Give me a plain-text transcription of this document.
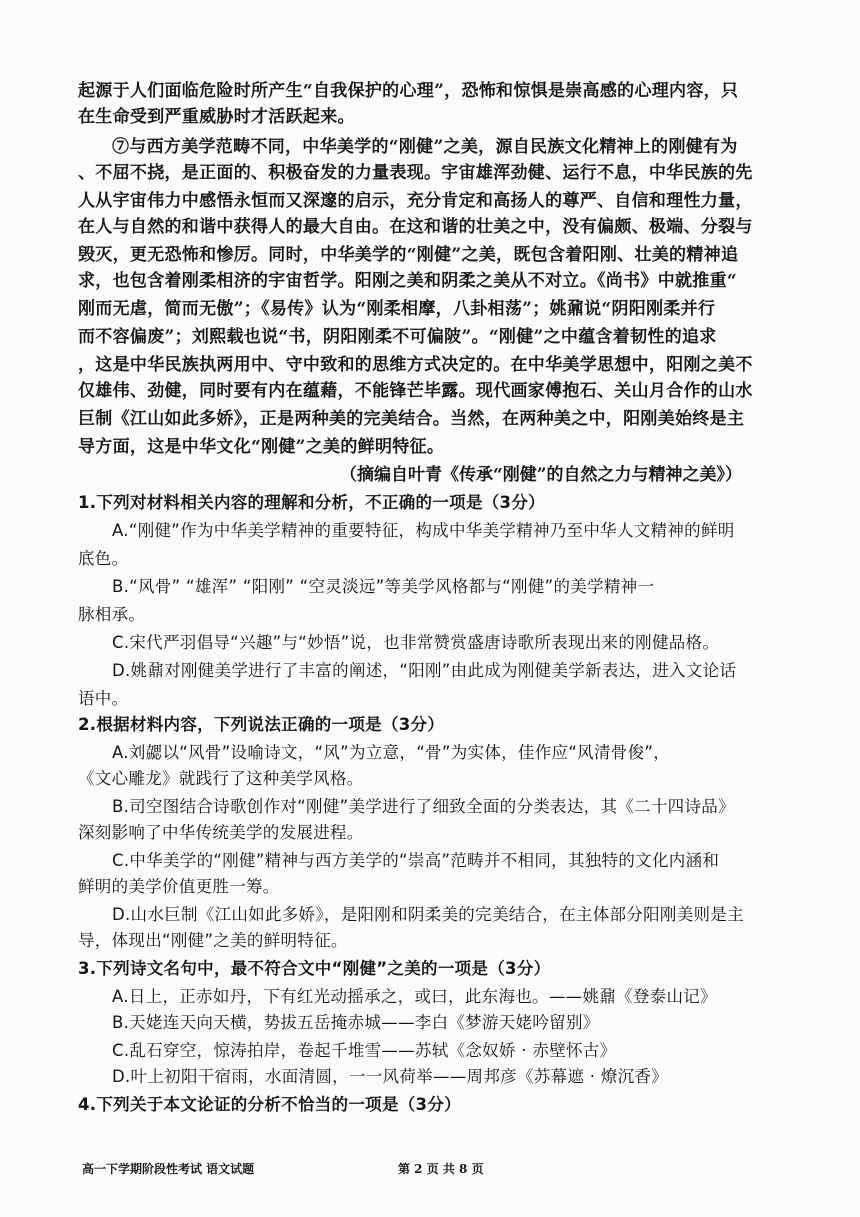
起源于人们面临危险时所产生“自我保护的心理”，恐怖和惊惧是崇高感的心理内容，只
在生命受到严重威胁时才活跃起来。
⑦与西方美学范畴不同，中华美学的“刚健”之美，源自民族文化精神上的刚健有为
、不屈不挠，是正面的、积极奋发的力量表现。宇宙雄浑劲健、运行不息，中华民族的先
人从宇宙伟力中感悟永恒而又深邃的启示，充分肯定和高扬人的尊严、自信和理性力量，
在人与自然的和谐中获得人的最大自由。在这和谐的壮美之中，没有偏颇、极端、分裂与
毁灭，更无恐怖和惨厉。同时，中华美学的“刚健”之美，既包含着阳刚、壮美的精神追
求，也包含着刚柔相济的宇宙哲学。阳刚之美和阴柔之美从不对立。《尚书》中就推重“
刚而无虐，简而无傲”；《易传》认为“刚柔相摩，八卦相荡”；姚鼐说“阴阳刚柔并行
而不容偏废”；刘熙载也说“书，阴阳刚柔不可偏陂”。“刚健”之中蕴含着韧性的追求
，这是中华民族执两用中、守中致和的思维方式决定的。在中华美学思想中，阳刚之美不
仅雄伟、劲健，同时要有内在蕴藉，不能锋芒毕露。现代画家傅抱石、关山月合作的山水
巨制《江山如此多娇》，正是两种美的完美结合。当然，在两种美之中，阳刚美始终是主
导方面，这是中华文化“刚健”之美的鲜明特征。
（摘编自叶青《传承“刚健”的自然之力与精神之美》）
1.下列对材料相关内容的理解和分析，不正确的一项是（3分）
A.“刚健”作为中华美学精神的重要特征，构成中华美学精神乃至中华人文精神的鲜明
底色。
B.“风骨” “雄浑” “阳刚” “空灵淡远”等美学风格都与“刚健”的美学精神一
脉相承。
C.宋代严羽倡导“兴趣”与“妙悟”说，也非常赞赏盛唐诗歌所表现出来的刚健品格。
D.姚鼐对刚健美学进行了丰富的阐述，“阳刚”由此成为刚健美学新表达，进入文论话
语中。
2.根据材料内容，下列说法正确的一项是（3分）
A.刘勰以“风骨”设喻诗文，“风”为立意，“骨”为实体，佳作应“风清骨俊”，
《文心雕龙》就践行了这种美学风格。
B.司空图结合诗歌创作对“刚健”美学进行了细致全面的分类表达，其《二十四诗品》
深刻影响了中华传统美学的发展进程。
C.中华美学的“刚健”精神与西方美学的“崇高”范畴并不相同，其独特的文化内涵和
鲜明的美学价值更胜一筹。
D.山水巨制《江山如此多娇》，是阳刚和阴柔美的完美结合，在主体部分阳刚美则是主
导，体现出“刚健”之美的鲜明特征。
3.下列诗文名句中，最不符合文中“刚健”之美的一项是（3分）
A.日上，正赤如丹，下有红光动摇承之，或曰，此东海也。——姚鼐《登泰山记》
B.天姥连天向天横，势拔五岳掩赤城——李白《梦游天姥吟留别》
C.乱石穿空，惊涛拍岸，卷起千堆雪——苏轼《念奴娇 · 赤壁怀古》
D.叶上初阳干宿雨，水面清圆，一一风荷举——周邦彦《苏幕遮 · 燎沉香》
4.下列关于本文论证的分析不恰当的一项是（3分）
高一下学期阶段性考试 语文试题	第 2 页 共 8 页
